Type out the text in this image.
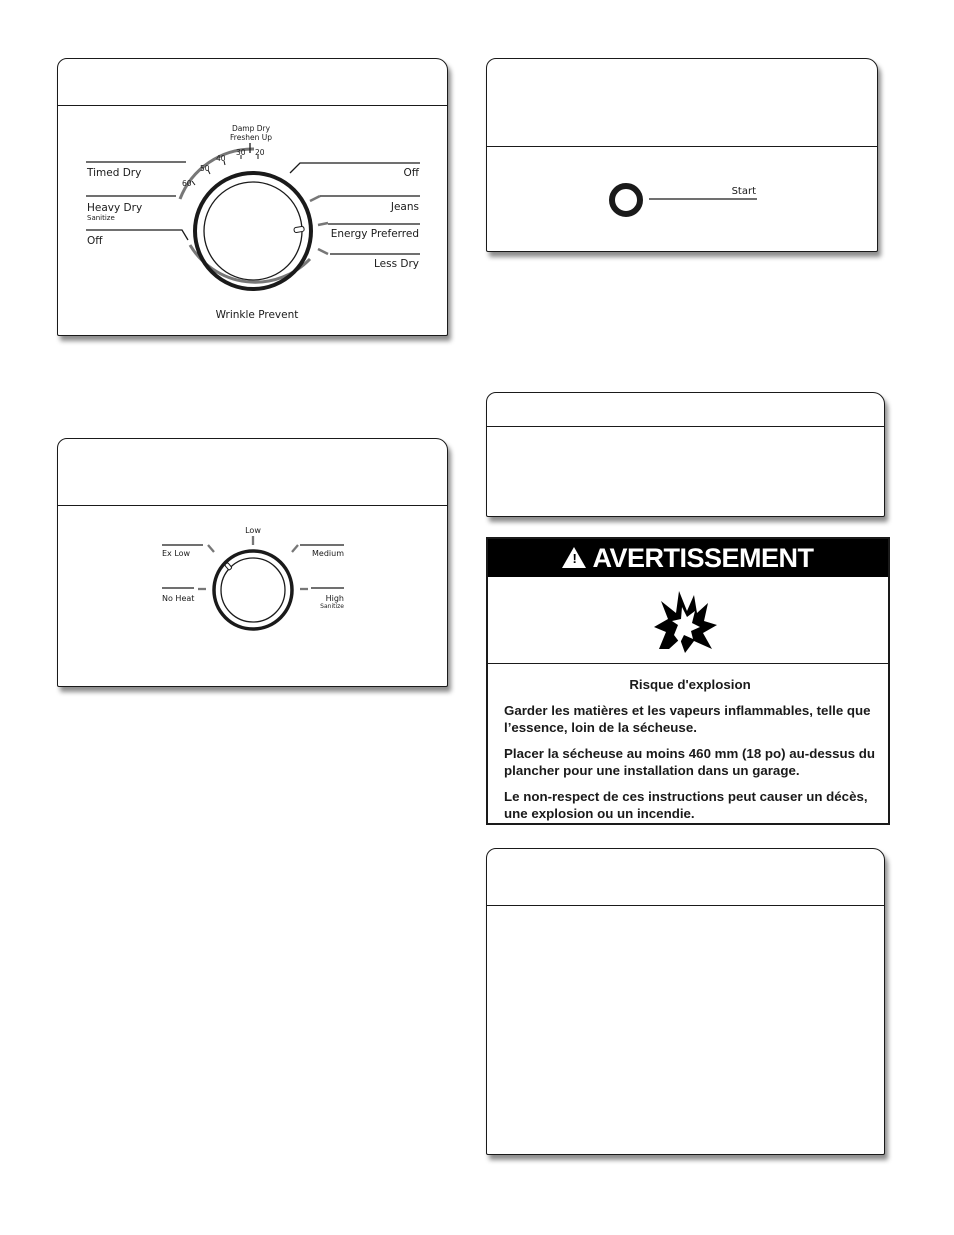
Timed Dry
Heavy Dry
Sanitize
Off
Off
Jeans
Energy Preferred
Less Dry
60
50
40
30 20
Damp Dry
Freshen Up
Wrinkle Prevent
Low
Ex Low	Medium
No Heat	High
Sanitize
Start
! AVERTISSEMENT
Risque d'explosion

Garder les matières et les vapeurs inflammables, telle que l’essence, loin de la sécheuse.

Placer la sécheuse au moins 460 mm (18 po) au-dessus du plancher pour une installation dans un garage.

Le non-respect de ces instructions peut causer un décès, une explosion ou un incendie.
